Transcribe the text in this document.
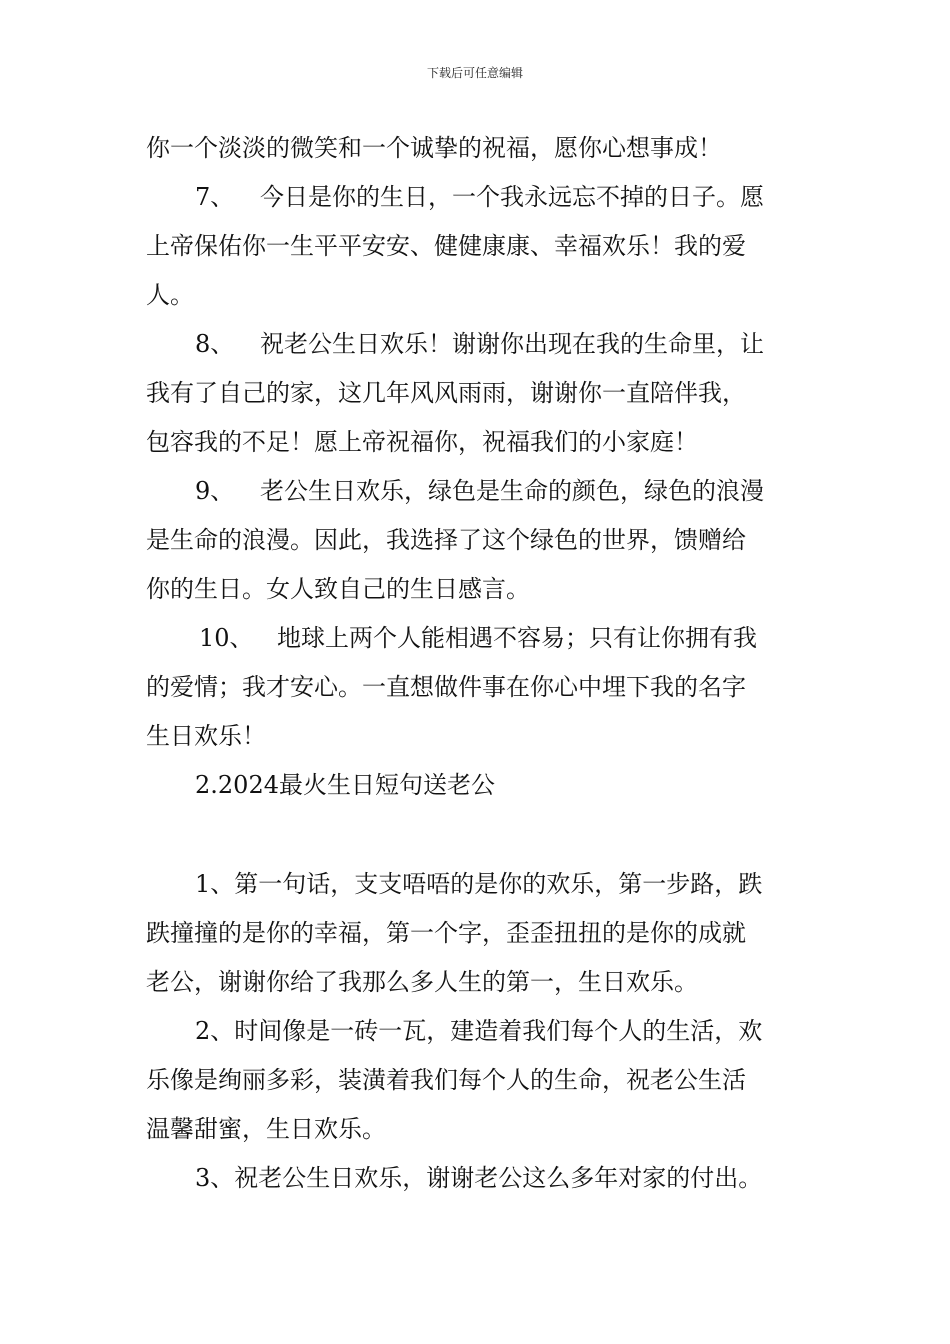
下载后可任意编辑
你一个淡淡的微笑和一个诚挚的祝福，愿你心想事成！
7、 今日是你的生日，一个我永远忘不掉的日子。愿
上帝保佑你一生平平安安、健健康康、幸福欢乐！我的爱
人。
8、 祝老公生日欢乐！谢谢你出现在我的生命里，让
我有了自己的家，这几年风风雨雨，谢谢你一直陪伴我，
包容我的不足！愿上帝祝福你，祝福我们的小家庭！
9、 老公生日欢乐，绿色是生命的颜色，绿色的浪漫
是生命的浪漫。因此，我选择了这个绿色的世界，馈赠给
你的生日。女人致自己的生日感言。
10、 地球上两个人能相遇不容易；只有让你拥有我
的爱情；我才安心。一直想做件事在你心中埋下我的名字
生日欢乐！
2.2024最火生日短句送老公
1、第一句话，支支唔唔的是你的欢乐，第一步路，跌
跌撞撞的是你的幸福，第一个字，歪歪扭扭的是你的成就
老公，谢谢你给了我那么多人生的第一，生日欢乐。
2、时间像是一砖一瓦，建造着我们每个人的生活，欢
乐像是绚丽多彩，装潢着我们每个人的生命，祝老公生活
温馨甜蜜，生日欢乐。
3、祝老公生日欢乐，谢谢老公这么多年对家的付出。
